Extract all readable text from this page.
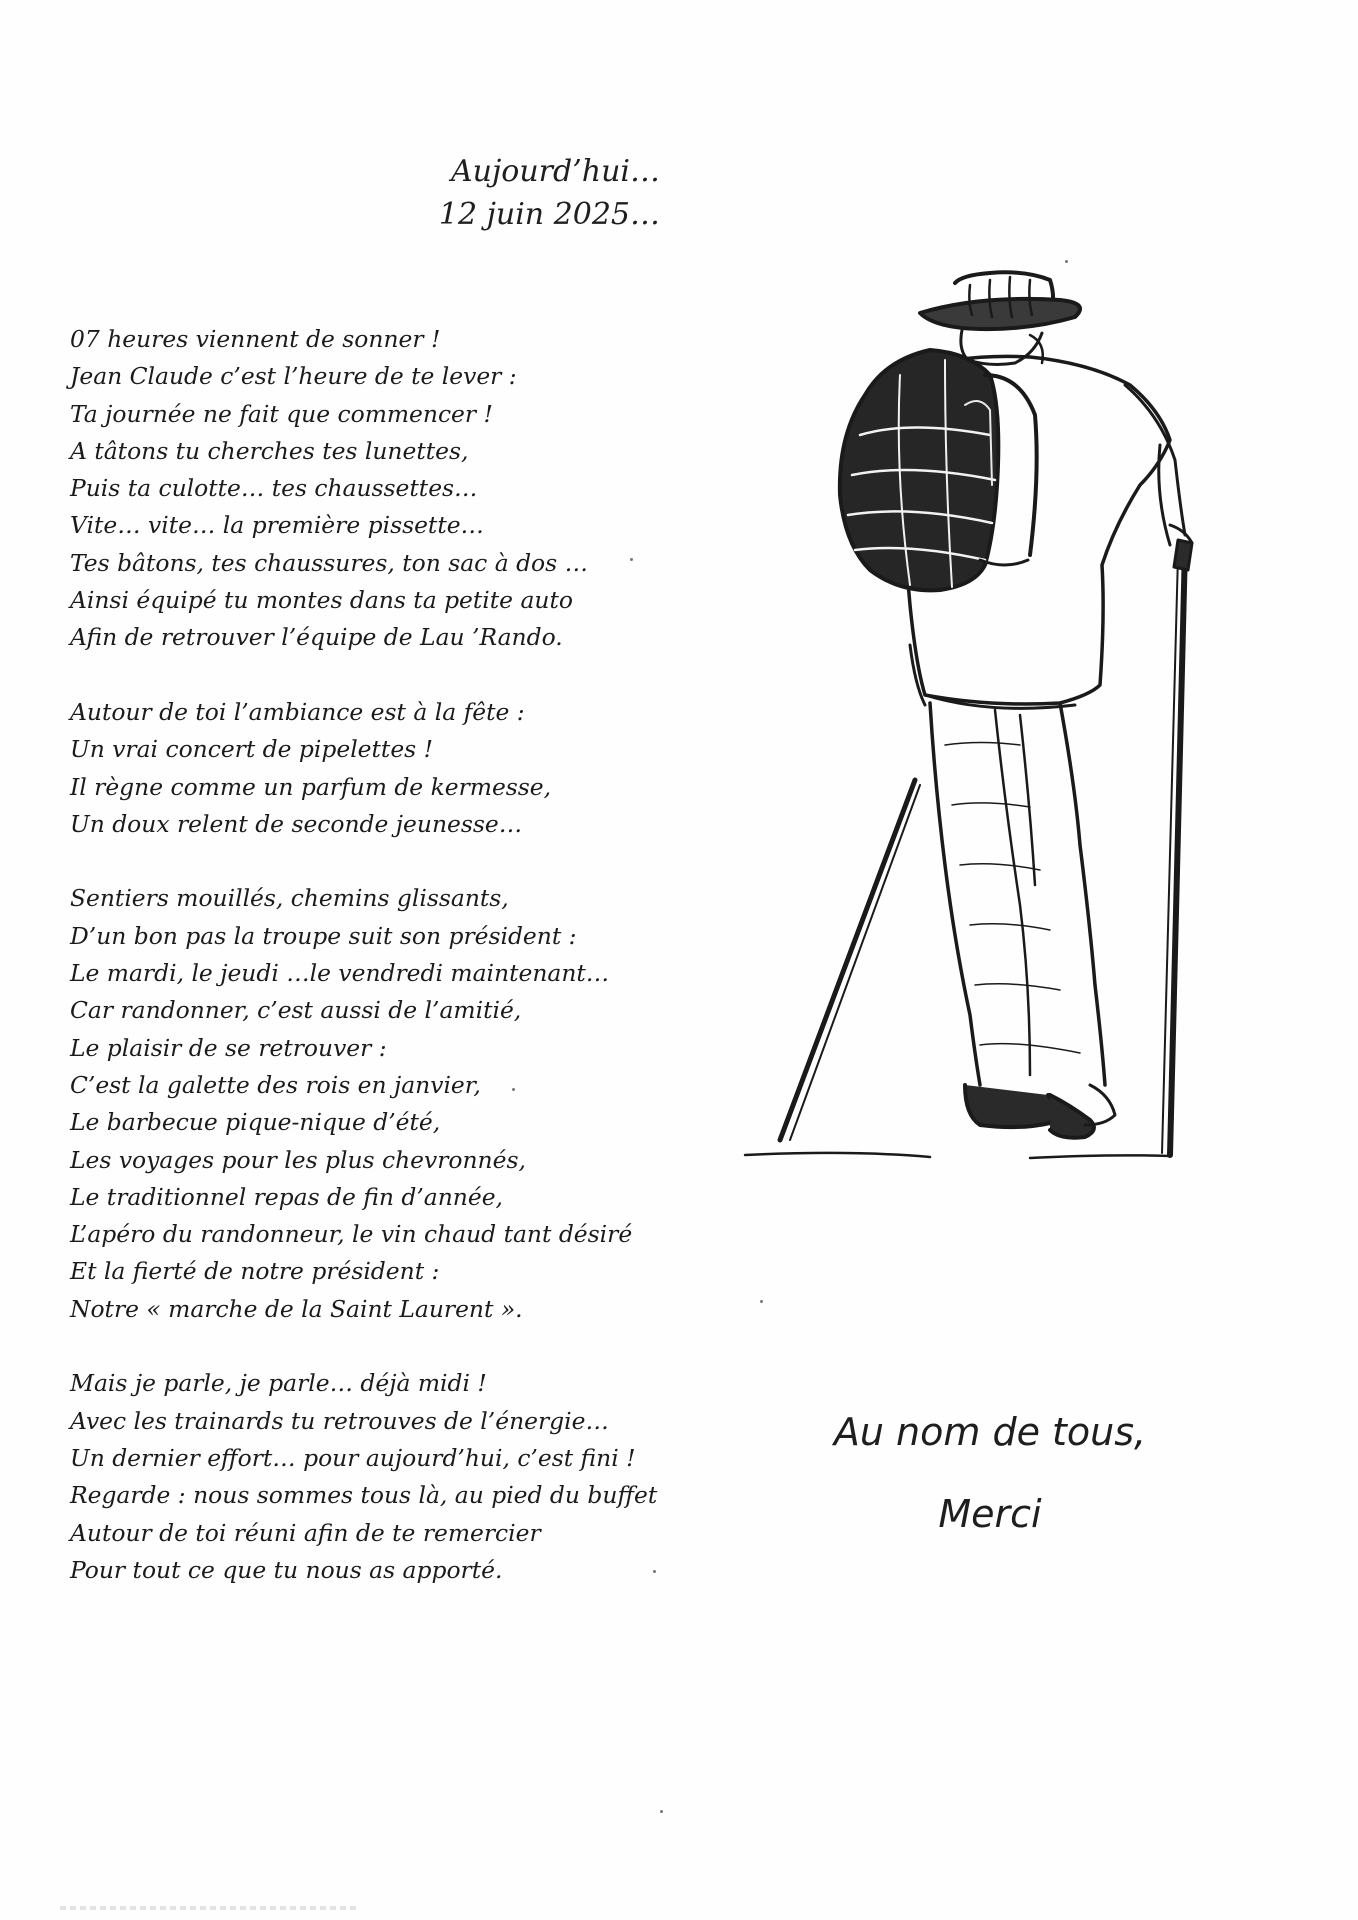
Aujourd’hui…
12 juin 2025…
07 heures viennent de sonner !
Jean Claude c’est l’heure de te lever :
Ta journée ne fait que commencer !
A tâtons tu cherches tes lunettes,
Puis ta culotte… tes chaussettes…
Vite… vite… la première pissette…
Tes bâtons, tes chaussures, ton sac à dos …
Ainsi équipé tu montes dans ta petite auto
Afin de retrouver l’équipe de Lau ’Rando.
Autour de toi l’ambiance est à la fête :
Un vrai concert de pipelettes !
Il règne comme un parfum de kermesse,
Un doux relent de seconde jeunesse…
Sentiers mouillés, chemins glissants,
D’un bon pas la troupe suit son président :
Le mardi, le jeudi …le vendredi maintenant…
Car randonner, c’est aussi de l’amitié,
Le plaisir de se retrouver :
C’est la galette des rois en janvier,
Le barbecue pique-nique d’été,
Les voyages pour les plus chevronnés,
Le traditionnel repas de fin d’année,
L’apéro du randonneur, le vin chaud tant désiré
Et la fierté de notre président :
Notre « marche de la Saint Laurent ».
Mais je parle, je parle… déjà midi !
Avec les trainards tu retrouves de l’énergie…
Un dernier effort… pour aujourd’hui, c’est fini !
Regarde : nous sommes tous là, au pied du buffet
Autour de toi réuni afin de te remercier
Pour tout ce que tu nous as apporté.
Au nom de tous,
Merci
